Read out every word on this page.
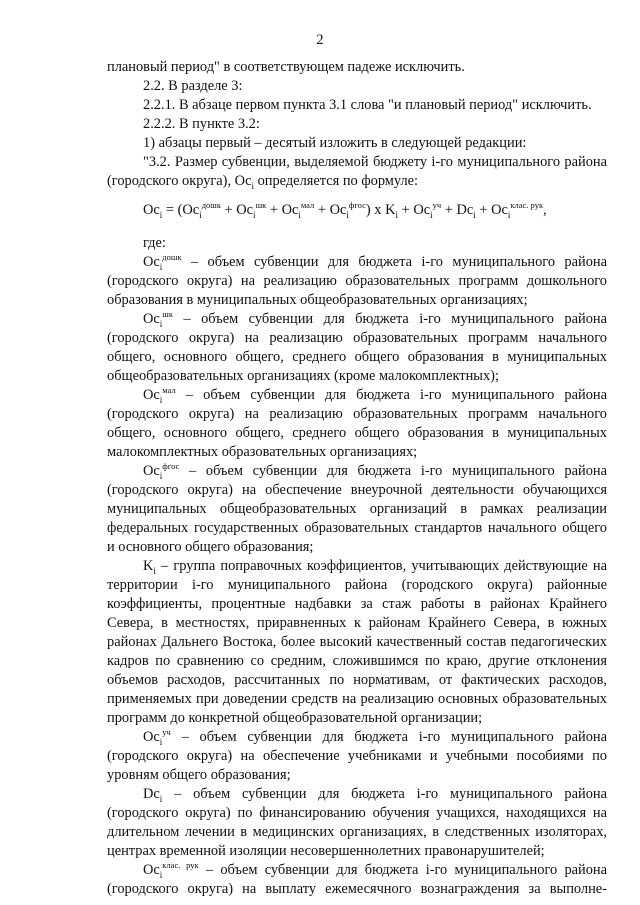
2

плановый период" в соответствующем падеже исключить.

2.2. В разделе 3:

2.2.1. В абзаце первом пункта 3.1 слова "и плановый период" исключить.

2.2.2. В пункте 3.2:

1) абзацы первый – десятый изложить в следующей редакции:

"3.2. Размер субвенции, выделяемой бюджету i-го муниципального района (городского округа), $Ос_i$ определяется по формуле:

$Ос_i = (Ос_i^{дошк} + Ос_i^{шк} + Ос_i^{мал} + Ос_i^{фгос})$ x $K_i + Ос_i^{уч} + Dc_i + Ос_i^{клас. рук}$,

где:

$Ос_i^{дошк}$ – объем субвенции для бюджета i-го муниципального района (городского округа) на реализацию образовательных программ дошкольного образования в муниципальных общеобразовательных организациях;

$Ос_i^{шк}$ – объем субвенции для бюджета i-го муниципального района (городского округа) на реализацию образовательных программ начального общего, основного общего, среднего общего образования в муниципальных общеобразовательных организациях (кроме малокомплектных);

$Ос_i^{мал}$ – объем субвенции для бюджета i-го муниципального района (городского округа) на реализацию образовательных программ начального общего, основного общего, среднего общего образования в муниципальных малокомплектных образовательных организациях;

$Ос_i^{фгос}$ – объем субвенции для бюджета i-го муниципального района (городского округа) на обеспечение внеурочной деятельности обучающихся муниципальных общеобразовательных организаций в рамках реализации федеральных государственных образовательных стандартов начального общего и основного общего образования;

$K_i$ – группа поправочных коэффициентов, учитывающих действующие на территории i-го муниципального района (городского округа) районные коэффициенты, процентные надбавки за стаж работы в районах Крайнего Севера, в местностях, приравненных к районам Крайнего Севера, в южных районах Дальнего Востока, более высокий качественный состав педагогических кадров по сравнению со средним, сложившимся по краю, другие отклонения объемов расходов, рассчитанных по нормативам, от фактических расходов, применяемых при доведении средств на реализацию основных образовательных программ до конкретной общеобразовательной организации;

$Ос_i^{уч}$ – объем субвенции для бюджета i-го муниципального района (городского округа) на обеспечение учебниками и учебными пособиями по уровням общего образования;

$Dc_i$ – объем субвенции для бюджета i-го муниципального района (городского округа) по финансированию обучения учащихся, находящихся на длительном лечении в медицинских организациях, в следственных изоляторах, центрах временной изоляции несовершеннолетних правонарушителей;

$Ос_i^{клас. рук}$ – объем субвенции для бюджета i-го муниципального района (городского округа) на выплату ежемесячного вознаграждения за выполне-
